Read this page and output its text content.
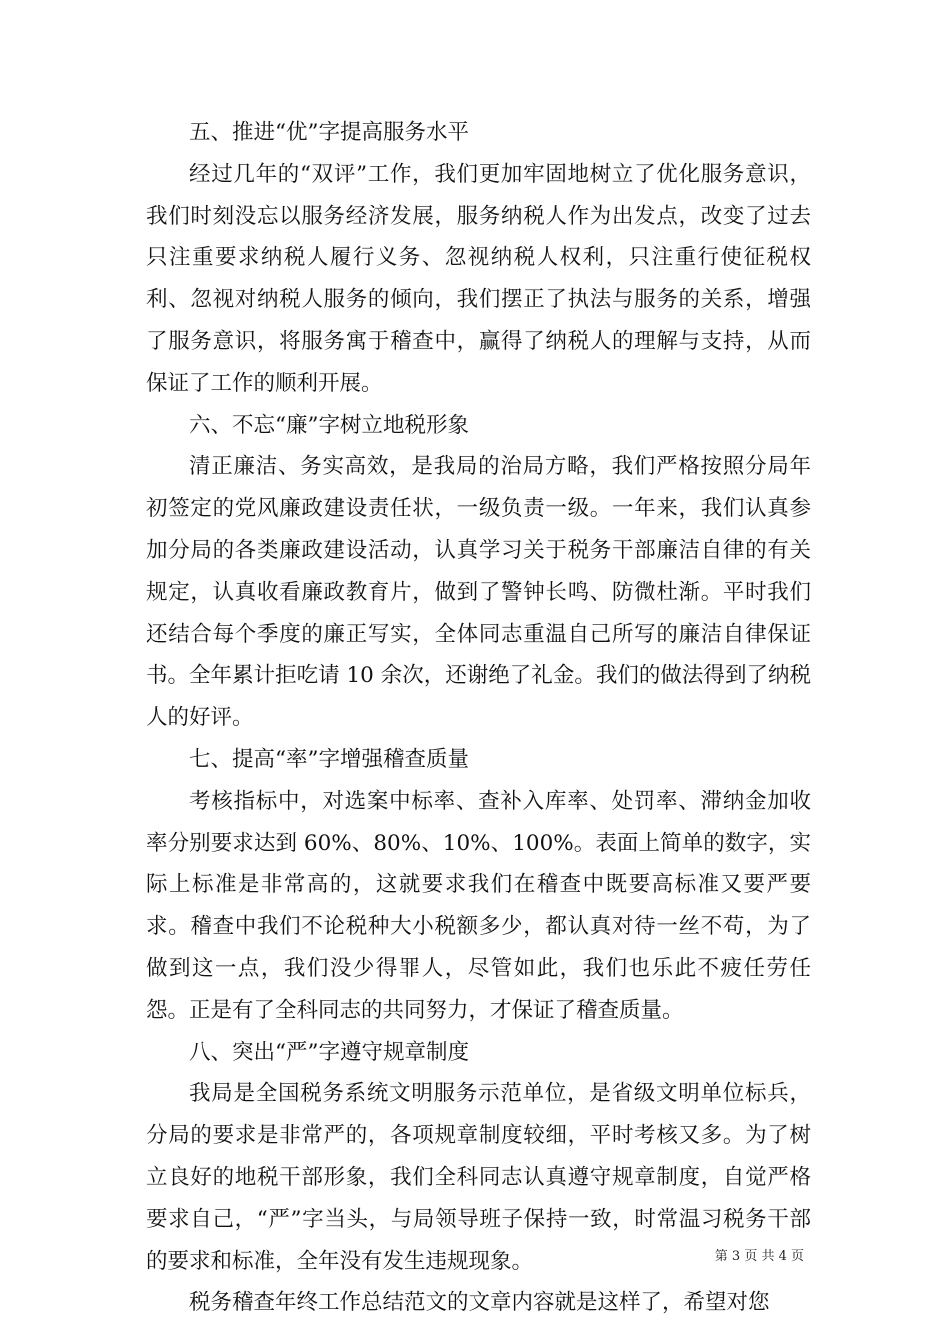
五、推进“优”字提高服务水平

经过几年的“双评”工作，我们更加牢固地树立了优化服务意识，我们时刻没忘以服务经济发展，服务纳税人作为出发点，改变了过去只注重要求纳税人履行义务、忽视纳税人权利，只注重行使征税权利、忽视对纳税人服务的倾向，我们摆正了执法与服务的关系，增强了服务意识，将服务寓于稽查中，赢得了纳税人的理解与支持，从而保证了工作的顺利开展。

六、不忘“廉”字树立地税形象

清正廉洁、务实高效，是我局的治局方略，我们严格按照分局年初签定的党风廉政建设责任状，一级负责一级。一年来，我们认真参加分局的各类廉政建设活动，认真学习关于税务干部廉洁自律的有关规定，认真收看廉政教育片，做到了警钟长鸣、防微杜渐。平时我们还结合每个季度的廉正写实，全体同志重温自己所写的廉洁自律保证书。全年累计拒吃请 10 余次，还谢绝了礼金。我们的做法得到了纳税人的好评。

七、提高“率”字增强稽查质量

考核指标中，对选案中标率、查补入库率、处罚率、滞纳金加收率分别要求达到 60%、80%、10%、100%。表面上简单的数字，实际上标准是非常高的，这就要求我们在稽查中既要高标准又要严要求。稽查中我们不论税种大小税额多少，都认真对待一丝不苟，为了做到这一点，我们没少得罪人，尽管如此，我们也乐此不疲任劳任怨。正是有了全科同志的共同努力，才保证了稽查质量。

八、突出“严”字遵守规章制度

我局是全国税务系统文明服务示范单位，是省级文明单位标兵，分局的要求是非常严的，各项规章制度较细，平时考核又多。为了树立良好的地税干部形象，我们全科同志认真遵守规章制度，自觉严格要求自己，“严”字当头，与局领导班子保持一致，时常温习税务干部的要求和标准，全年没有发生违规现象。

税务稽查年终工作总结范文的文章内容就是这样了，希望对您

第 3 页 共 4 页
